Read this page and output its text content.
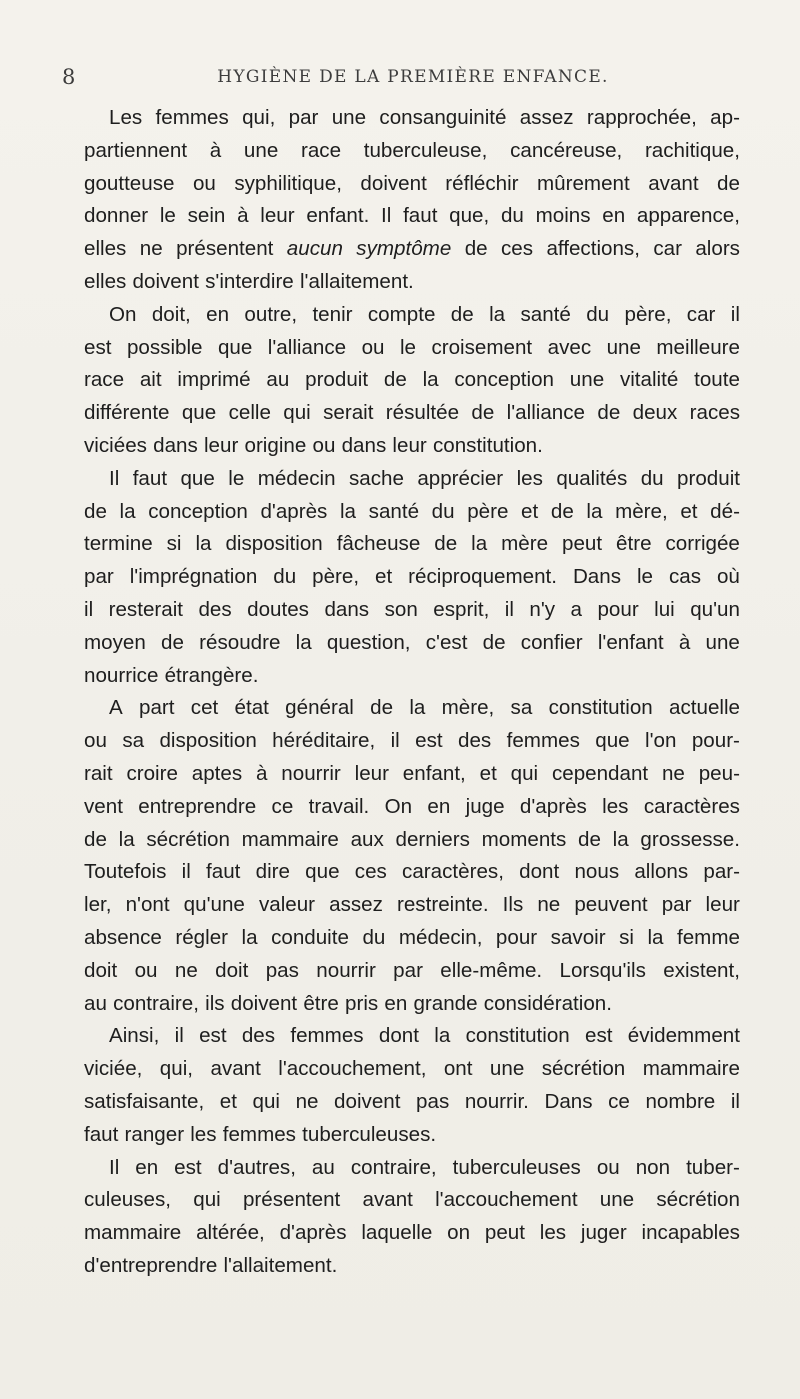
8	HYGIÈNE DE LA PREMIÈRE ENFANCE.
Les femmes qui, par une consanguinité assez rapprochée, ap-
partiennent à une race tuberculeuse, cancéreuse, rachitique,
goutteuse ou syphilitique, doivent réfléchir mûrement avant de
donner le sein à leur enfant. Il faut que, du moins en apparence,
elles ne présentent aucun symptôme de ces affections, car alors
elles doivent s'interdire l'allaitement.
On doit, en outre, tenir compte de la santé du père, car il
est possible que l'alliance ou le croisement avec une meilleure
race ait imprimé au produit de la conception une vitalité toute
différente que celle qui serait résultée de l'alliance de deux races
viciées dans leur origine ou dans leur constitution.
Il faut que le médecin sache apprécier les qualités du produit
de la conception d'après la santé du père et de la mère, et dé-
termine si la disposition fâcheuse de la mère peut être corrigée
par l'imprégnation du père, et réciproquement. Dans le cas où
il resterait des doutes dans son esprit, il n'y a pour lui qu'un
moyen de résoudre la question, c'est de confier l'enfant à une
nourrice étrangère.
A part cet état général de la mère, sa constitution actuelle
ou sa disposition héréditaire, il est des femmes que l'on pour-
rait croire aptes à nourrir leur enfant, et qui cependant ne peu-
vent entreprendre ce travail. On en juge d'après les caractères
de la sécrétion mammaire aux derniers moments de la grossesse.
Toutefois il faut dire que ces caractères, dont nous allons par-
ler, n'ont qu'une valeur assez restreinte. Ils ne peuvent par leur
absence régler la conduite du médecin, pour savoir si la femme
doit ou ne doit pas nourrir par elle-même. Lorsqu'ils existent,
au contraire, ils doivent être pris en grande considération.
Ainsi, il est des femmes dont la constitution est évidemment
viciée, qui, avant l'accouchement, ont une sécrétion mammaire
satisfaisante, et qui ne doivent pas nourrir. Dans ce nombre il
faut ranger les femmes tuberculeuses.
Il en est d'autres, au contraire, tuberculeuses ou non tuber-
culeuses, qui présentent avant l'accouchement une sécrétion
mammaire altérée, d'après laquelle on peut les juger incapables
d'entreprendre l'allaitement.
